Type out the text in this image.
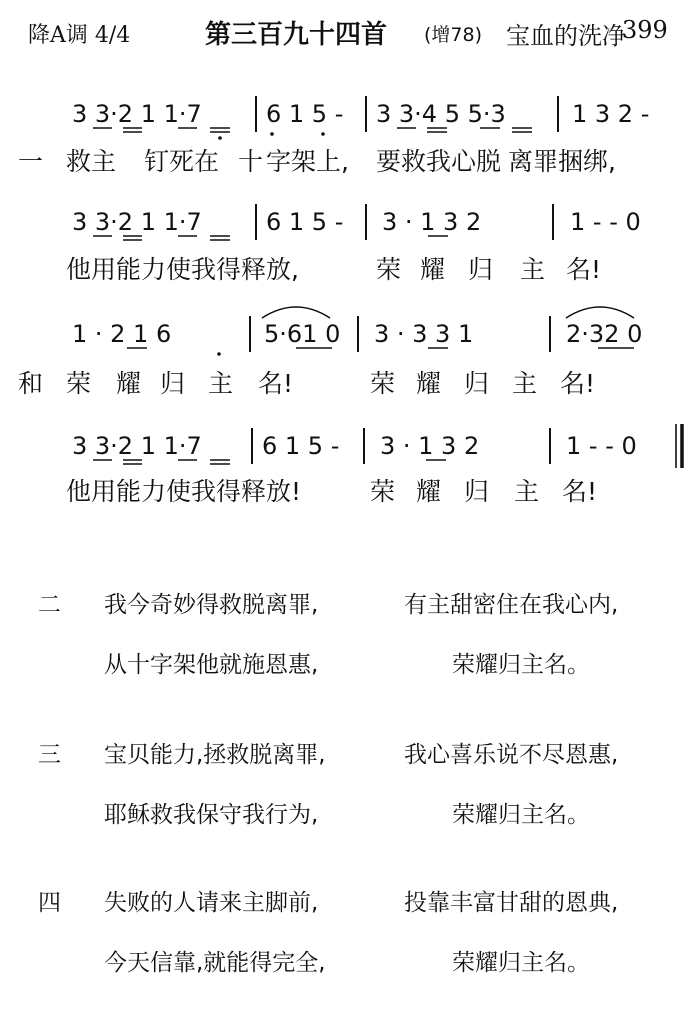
降A调 4/4	第三百九十四首 (增78) 宝血的洗净
399
3 3·2 1 1·7	6 1 5 - 3 3·4 5 5·3	1 3 2 -
一 救主 钉死在 十 字架上, 要救我心脱 离罪捆绑,
3 3·2 1 1·7	6 1 5 - 3 · 1 3 2	1 - - 0
他用能力使我得释放,	荣 耀 归 主 名!
1 · 2 1 6	5·61 0 3 · 3 3 1	2·32 0
和 荣 耀 归 主 名!	荣 耀 归 主 名!
3 3·2 1 1·7	6 1 5 - 3 · 1 3 2	1 - - 0
他用能力使我得释放!	荣 耀 归 主 名!
二 我今奇妙得救脱离罪,	有主甜密住在我心内,
从十字架他就施恩惠,	荣耀归主名。
三 宝贝能力,拯救脱离罪,	我心喜乐说不尽恩惠,
耶稣救我保守我行为,	荣耀归主名。
四 失败的人请来主脚前,	投靠丰富甘甜的恩典,
今天信靠,就能得完全,	荣耀归主名。
